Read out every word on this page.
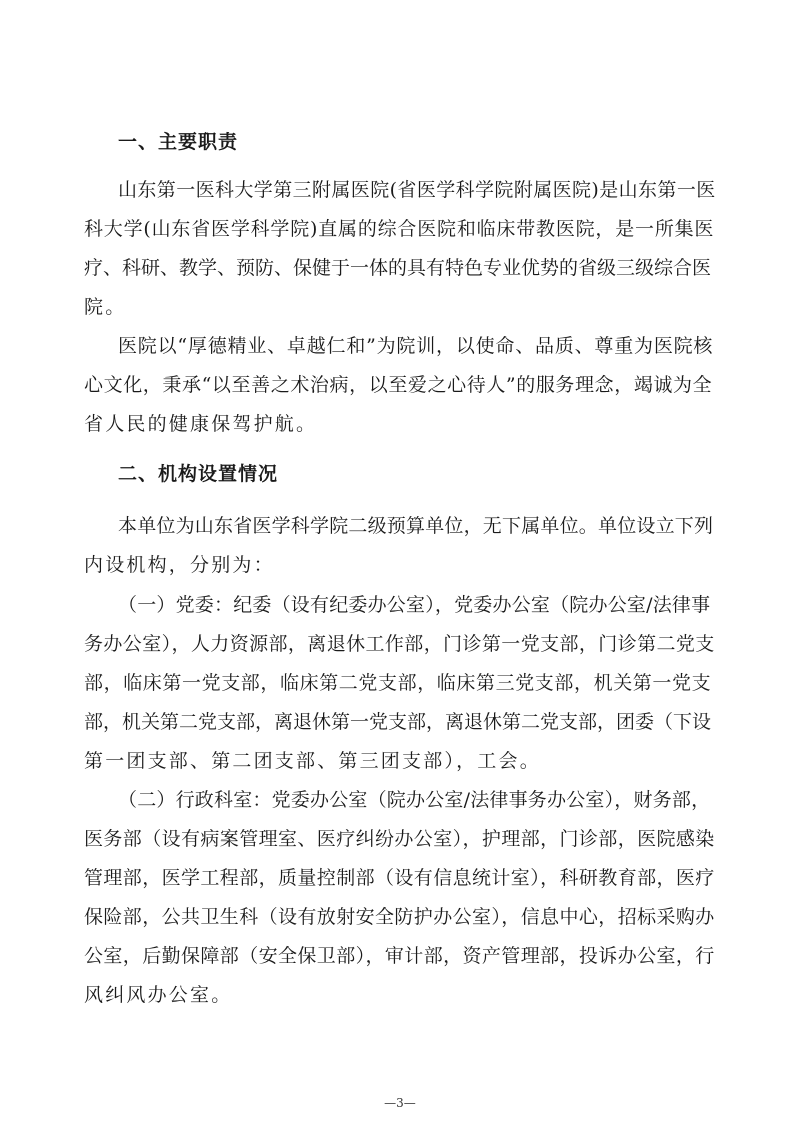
一、主要职责
山东第一医科大学第三附属医院(省医学科学院附属医院)是山东第一医
科大学(山东省医学科学院)直属的综合医院和临床带教医院，是一所集医
疗、科研、教学、预防、保健于一体的具有特色专业优势的省级三级综合医
院。
医院以“厚德精业、卓越仁和”为院训，以使命、品质、尊重为医院核
心文化，秉承“以至善之术治病，以至爱之心待人”的服务理念，竭诚为全
省人民的健康保驾护航。
二、机构设置情况
本单位为山东省医学科学院二级预算单位，无下属单位。单位设立下列
内设机构，分别为：
（一）党委：纪委（设有纪委办公室），党委办公室（院办公室/法律事
务办公室），人力资源部，离退休工作部，门诊第一党支部，门诊第二党支
部，临床第一党支部，临床第二党支部，临床第三党支部，机关第一党支
部，机关第二党支部，离退休第一党支部，离退休第二党支部，团委（下设
第一团支部、第二团支部、第三团支部），工会。
（二）行政科室：党委办公室（院办公室/法律事务办公室），财务部，
医务部（设有病案管理室、医疗纠纷办公室），护理部，门诊部，医院感染
管理部，医学工程部，质量控制部（设有信息统计室），科研教育部，医疗
保险部，公共卫生科（设有放射安全防护办公室），信息中心，招标采购办
公室，后勤保障部（安全保卫部），审计部，资产管理部，投诉办公室，行
风纠风办公室。
—3—
